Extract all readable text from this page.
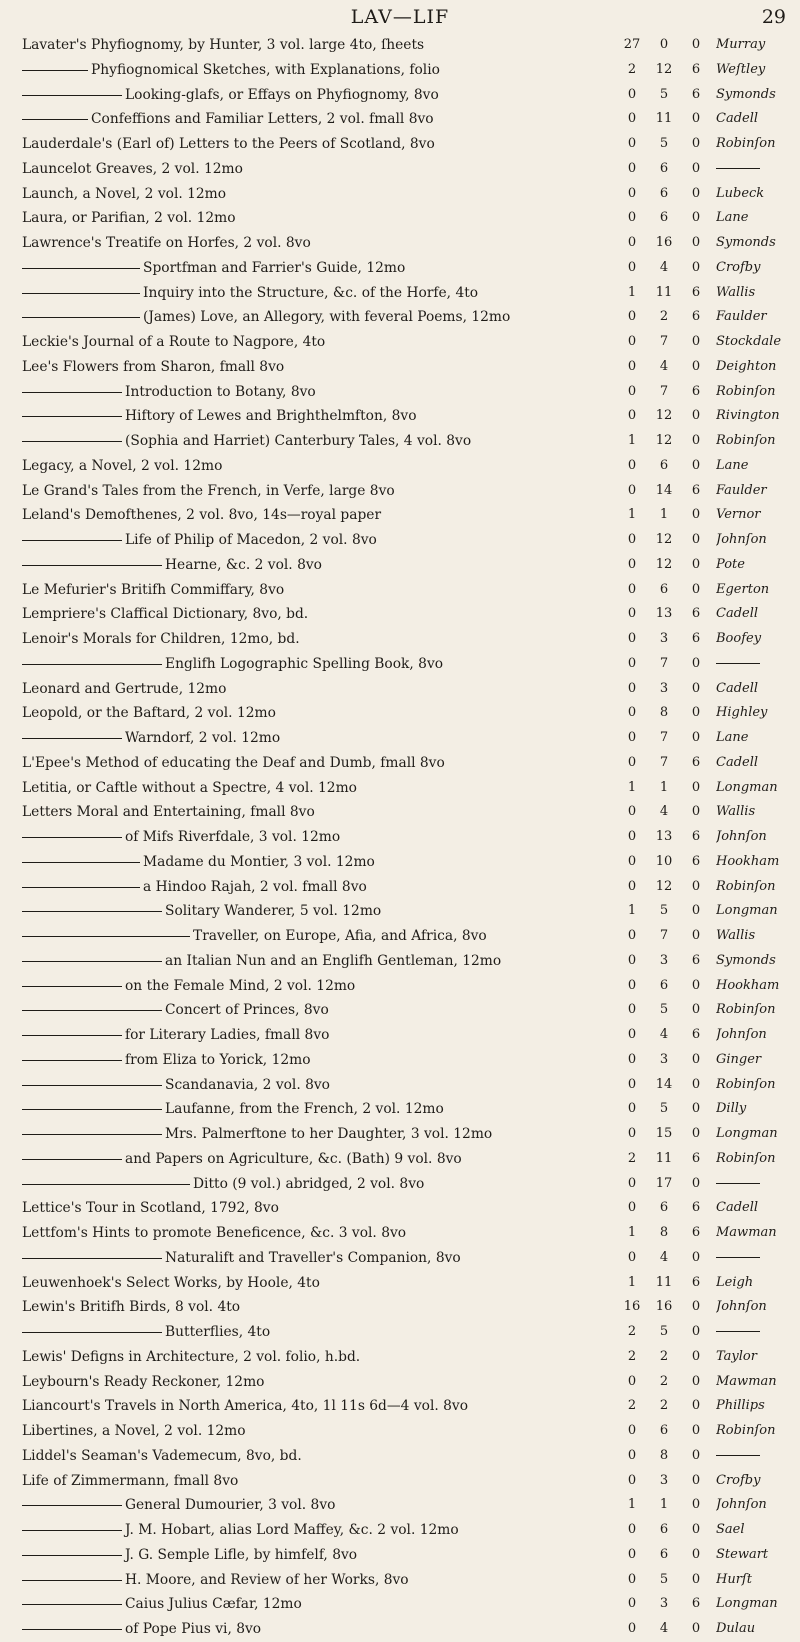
LAV—LIF	29
Lavater's Phyfiognomy, by Hunter, 3 vol. large 4to, ſheets	27	0	0	Murray
Phyfiognomical Sketches, with Explanations, folio	2	12	6	Weſtley
Looking-glafs, or Effays on Phyfiognomy, 8vo	0	5	6	Symonds
Confeffions and Familiar Letters, 2 vol. fmall 8vo	0	11	0	Cadell
Lauderdale's (Earl of) Letters to the Peers of Scotland, 8vo	0	5	0	Robinſon
Launcelot Greaves, 2 vol. 12mo	0	6	0
Launch, a Novel, 2 vol. 12mo	0	6	0	Lubeck
Laura, or Parifian, 2 vol. 12mo	0	6	0	Lane
Lawrence's Treatife on Horfes, 2 vol. 8vo	0	16	0	Symonds
Sportfman and Farrier's Guide, 12mo	0	4	0	Crofby
Inquiry into the Structure, &c. of the Horfe, 4to	1	11	6	Wallis
(James) Love, an Allegory, with feveral Poems, 12mo	0	2	6	Faulder
Leckie's Journal of a Route to Nagpore, 4to	0	7	0	Stockdale
Lee's Flowers from Sharon, fmall 8vo	0	4	0	Deighton
Introduction to Botany, 8vo	0	7	6	Robinſon
Hiftory of Lewes and Brighthelmfton, 8vo	0	12	0	Rivington
(Sophia and Harriet) Canterbury Tales, 4 vol. 8vo	1	12	0	Robinſon
Legacy, a Novel, 2 vol. 12mo	0	6	0	Lane
Le Grand's Tales from the French, in Verfe, large 8vo	0	14	6	Faulder
Leland's Demofthenes, 2 vol. 8vo, 14s—royal paper	1	1	0	Vernor
Life of Philip of Macedon, 2 vol. 8vo	0	12	0	Johnſon
Hearne, &c. 2 vol. 8vo	0	12	0	Pote
Le Mefurier's Britifh Commiffary, 8vo	0	6	0	Egerton
Lempriere's Claffical Dictionary, 8vo, bd.	0	13	6	Cadell
Lenoir's Morals for Children, 12mo, bd.	0	3	6	Boofey
Englifh Logographic Spelling Book, 8vo	0	7	0
Leonard and Gertrude, 12mo	0	3	0	Cadell
Leopold, or the Baftard, 2 vol. 12mo	0	8	0	Highley
Warndorf, 2 vol. 12mo	0	7	0	Lane
L'Epee's Method of educating the Deaf and Dumb, fmall 8vo	0	7	6	Cadell
Letitia, or Caftle without a Spectre, 4 vol. 12mo	1	1	0	Longman
Letters Moral and Entertaining, fmall 8vo	0	4	0	Wallis
of Mifs Riverfdale, 3 vol. 12mo	0	13	6	Johnſon
Madame du Montier, 3 vol. 12mo	0	10	6	Hookham
a Hindoo Rajah, 2 vol. fmall 8vo	0	12	0	Robinſon
Solitary Wanderer, 5 vol. 12mo	1	5	0	Longman
Traveller, on Europe, Afia, and Africa, 8vo	0	7	0	Wallis
an Italian Nun and an Englifh Gentleman, 12mo	0	3	6	Symonds
on the Female Mind, 2 vol. 12mo	0	6	0	Hookham
Concert of Princes, 8vo	0	5	0	Robinſon
for Literary Ladies, fmall 8vo	0	4	6	Johnſon
from Eliza to Yorick, 12mo	0	3	0	Ginger
Scandanavia, 2 vol. 8vo	0	14	0	Robinſon
Laufanne, from the French, 2 vol. 12mo	0	5	0	Dilly
Mrs. Palmerftone to her Daughter, 3 vol. 12mo	0	15	0	Longman
and Papers on Agriculture, &c. (Bath) 9 vol. 8vo	2	11	6	Robinſon
Ditto (9 vol.) abridged, 2 vol. 8vo	0	17	0
Lettice's Tour in Scotland, 1792, 8vo	0	6	6	Cadell
Lettfom's Hints to promote Beneficence, &c. 3 vol. 8vo	1	8	6	Mawman
Naturalift and Traveller's Companion, 8vo	0	4	0
Leuwenhoek's Select Works, by Hoole, 4to	1	11	6	Leigh
Lewin's Britifh Birds, 8 vol. 4to	16	16	0	Johnſon
Butterflies, 4to	2	5	0
Lewis' Defigns in Architecture, 2 vol. folio, h.bd.	2	2	0	Taylor
Leybourn's Ready Reckoner, 12mo	0	2	0	Mawman
Liancourt's Travels in North America, 4to, 1l 11s 6d—4 vol. 8vo	2	2	0	Phillips
Libertines, a Novel, 2 vol. 12mo	0	6	0	Robinſon
Liddel's Seaman's Vademecum, 8vo, bd.	0	8	0
Life of Zimmermann, fmall 8vo	0	3	0	Crofby
General Dumourier, 3 vol. 8vo	1	1	0	Johnſon
J. M. Hobart, alias Lord Maffey, &c. 2 vol. 12mo	0	6	0	Sael
J. G. Semple Lifle, by himfelf, 8vo	0	6	0	Stewart
H. Moore, and Review of her Works, 8vo	0	5	0	Hurſt
Caius Julius Cæfar, 12mo	0	3	6	Longman
of Pope Pius vi, 8vo	0	4	0	Dulau
